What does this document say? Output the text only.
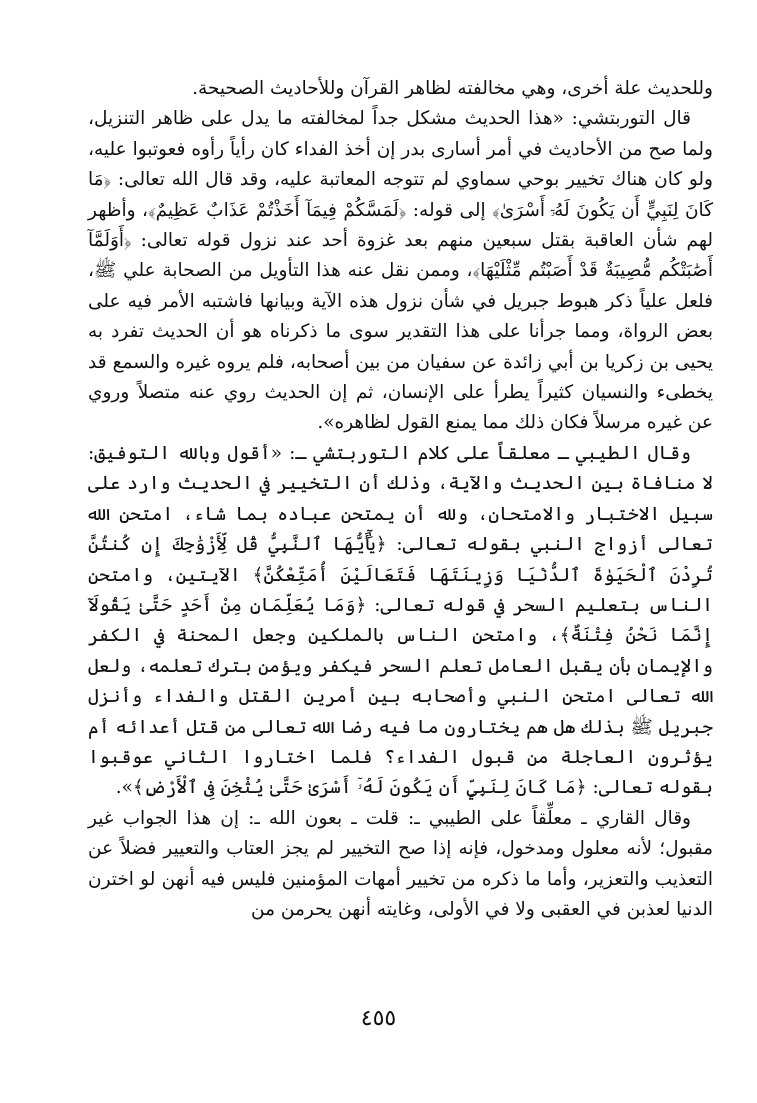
وللحديث علة أخرى، وهي مخالفته لظاهر القرآن وللأحاديث الصحيحة.

قال التوربتشي: «هذا الحديث مشكل جداً لمخالفته ما يدل على ظاهر التنزيل، ولما صح من الأحاديث في أمر أسارى بدر إن أخذ الفداء كان رأياً رأوه فعوتبوا عليه، ولو كان هناك تخيير بوحي سماوي لم تتوجه المعاتبة عليه، وقد قال الله تعالى: ﴿مَا كَانَ لِنَبِيٍّ أَن يَكُونَ لَهُۥٓ أَسْرَىٰ﴾ إلى قوله: ﴿لَمَسَّكُمْ فِيمَآ أَخَذْتُمْ عَذَابٌ عَظِيمٌ﴾، وأظهر لهم شأن العاقبة بقتل سبعين منهم بعد غزوة أحد عند نزول قوله تعالى: ﴿أَوَلَمَّآ أَصَٰبَتْكُم مُّصِيبَةٌ قَدْ أَصَبْتُم مِّثْلَيْهَا﴾، وممن نقل عنه هذا التأويل من الصحابة علي ﷺ، فلعل علياً ذكر هبوط جبريل في شأن نزول هذه الآية وبيانها فاشتبه الأمر فيه على بعض الرواة، ومما جرأنا على هذا التقدير سوى ما ذكرناه هو أن الحديث تفرد به يحيى بن زكريا بن أبي زائدة عن سفيان من بين أصحابه، فلم يروه غيره والسمع قد يخطىء والنسيان كثيراً يطرأ على الإنسان، ثم إن الحديث روي عنه متصلاً وروي عن غيره مرسلاً فكان ذلك مما يمنع القول لظاهره».

وقال الطيبي ـ معلقاً على كلام التوربتشي ـ: «أقول وبالله التوفيق: لا منافاة بين الحديث والآية، وذلك أن التخيير في الحديث وارد على سبيل الاختبار والامتحان، ولله أن يمتحن عباده بما شاء، امتحن الله تعالى أزواج النبي بقوله تعالى: ﴿يَٰٓأَيُّهَا ٱلنَّبِيُّ قُل لِّأَزْوَٰجِكَ إِن كُنتُنَّ تُرِدْنَ ٱلْحَيَوٰةَ ٱلدُّنْيَا وَزِينَتَهَا فَتَعَالَيْنَ أُمَتِّعْكُنَّ﴾ الآيتين، وامتحن الناس بتعليم السحر في قوله تعالى: ﴿وَمَا يُعَلِّمَانِ مِنْ أَحَدٍ حَتَّىٰ يَقُولَآ إِنَّمَا نَحْنُ فِتْنَةٌ﴾، وامتحن الناس بالملكين وجعل المحنة في الكفر والإيمان بأن يقبل العامل تعلم السحر فيكفر ويؤمن بترك تعلمه، ولعل الله تعالى امتحن النبي وأصحابه بين أمرين القتل والفداء وأنزل جبريل ﷺ بذلك هل هم يختارون ما فيه رضا الله تعالى من قتل أعدائه أم يؤثرون العاجلة من قبول الفداء؟ فلما اختاروا الثاني عوقبوا بقوله تعالى: ﴿مَا كَانَ لِنَبِيٍّ أَن يَكُونَ لَهُۥٓ أَسْرَىٰ حَتَّىٰ يُثْخِنَ فِى ٱلْأَرْضِ﴾».

وقال القاري ـ معلِّقاً على الطيبي ـ: قلت ـ بعون الله ـ: إن هذا الجواب غير مقبول؛ لأنه معلول ومدخول، فإنه إذا صح التخيير لم يجز العتاب والتعيير فضلاً عن التعذيب والتعزير، وأما ما ذكره من تخيير أمهات المؤمنين فليس فيه أنهن لو اخترن الدنيا لعذبن في العقبى ولا في الأولى، وغايته أنهن يحرمن من

٤٥٥
